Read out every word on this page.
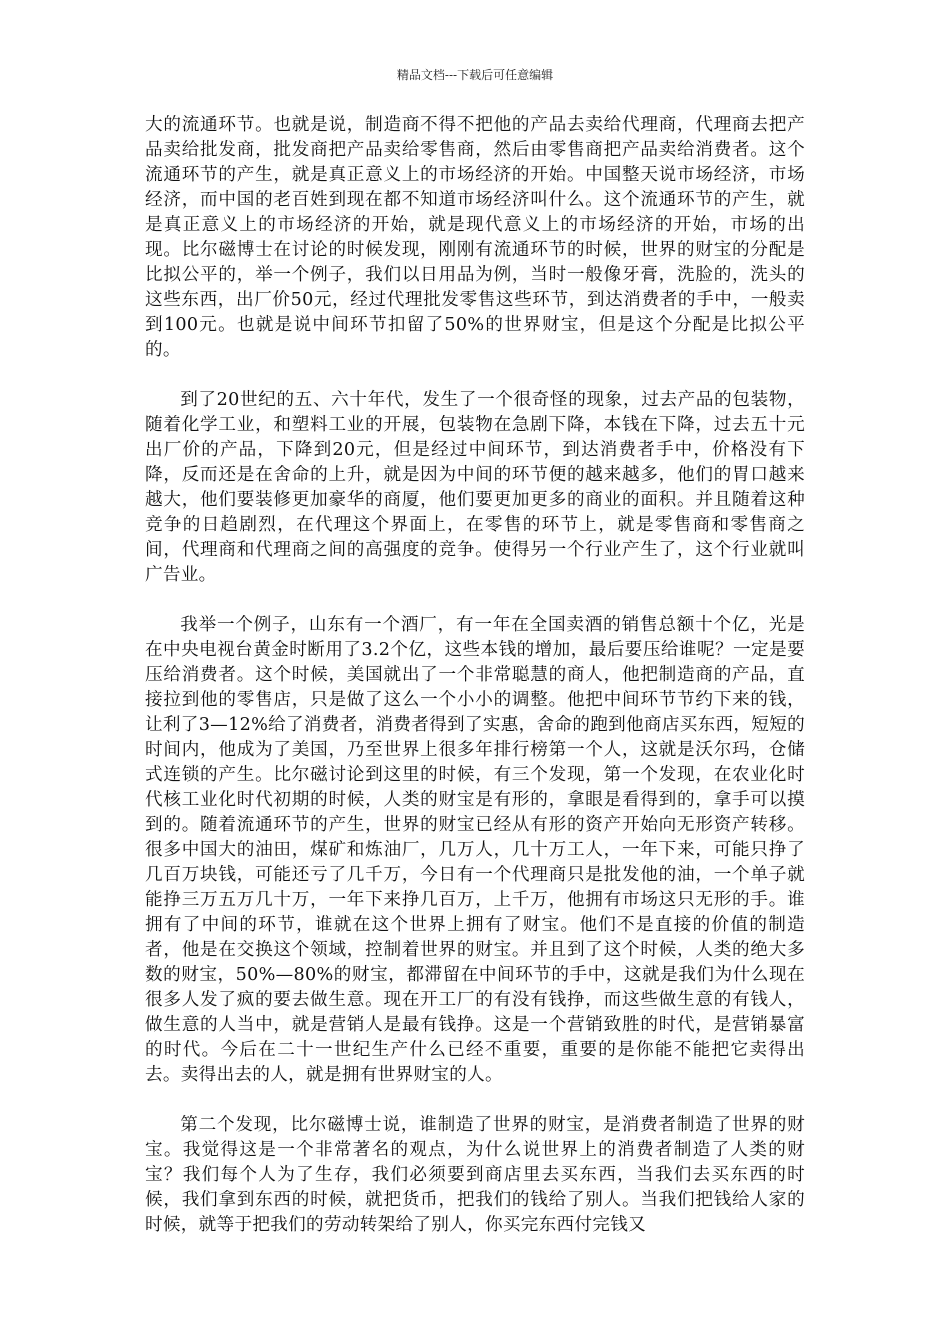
精品文档---下载后可任意编辑

大的流通环节。也就是说，制造商不得不把他的产品去卖给代理商，代理商去把产品卖给批发商，批发商把产品卖给零售商，然后由零售商把产品卖给消费者。这个流通环节的产生，就是真正意义上的市场经济的开始。中国整天说市场经济，市场经济，而中国的老百姓到现在都不知道市场经济叫什么。这个流通环节的产生，就是真正意义上的市场经济的开始，就是现代意义上的市场经济的开始，市场的出现。比尔磁博士在讨论的时候发现，刚刚有流通环节的时候，世界的财宝的分配是比拟公平的，举一个例子，我们以日用品为例，当时一般像牙膏，洗脸的，洗头的这些东西，出厂价50元，经过代理批发零售这些环节，到达消费者的手中，一般卖到100元。也就是说中间环节扣留了50%的世界财宝，但是这个分配是比拟公平的。

到了20世纪的五、六十年代，发生了一个很奇怪的现象，过去产品的包装物，随着化学工业，和塑料工业的开展，包装物在急剧下降，本钱在下降，过去五十元出厂价的产品，下降到20元，但是经过中间环节，到达消费者手中，价格没有下降，反而还是在舍命的上升，就是因为中间的环节便的越来越多，他们的胃口越来越大，他们要装修更加豪华的商厦，他们要更加更多的商业的面积。并且随着这种竞争的日趋剧烈，在代理这个界面上，在零售的环节上，就是零售商和零售商之间，代理商和代理商之间的高强度的竞争。使得另一个行业产生了，这个行业就叫广告业。

我举一个例子，山东有一个酒厂，有一年在全国卖酒的销售总额十个亿，光是在中央电视台黄金时断用了3.2个亿，这些本钱的增加，最后要压给谁呢？一定是要压给消费者。这个时候，美国就出了一个非常聪慧的商人，他把制造商的产品，直接拉到他的零售店，只是做了这么一个小小的调整。他把中间环节节约下来的钱，让利了3—12%给了消费者，消费者得到了实惠，舍命的跑到他商店买东西，短短的时间内，他成为了美国，乃至世界上很多年排行榜第一个人，这就是沃尔玛，仓储式连锁的产生。比尔磁讨论到这里的时候，有三个发现，第一个发现，在农业化时代核工业化时代初期的时候，人类的财宝是有形的，拿眼是看得到的，拿手可以摸到的。随着流通环节的产生，世界的财宝已经从有形的资产开始向无形资产转移。很多中国大的油田，煤矿和炼油厂，几万人，几十万工人，一年下来，可能只挣了几百万块钱，可能还亏了几千万，今日有一个代理商只是批发他的油，一个单子就能挣三万五万几十万，一年下来挣几百万，上千万，他拥有市场这只无形的手。谁拥有了中间的环节，谁就在这个世界上拥有了财宝。他们不是直接的价值的制造者，他是在交换这个领域，控制着世界的财宝。并且到了这个时候，人类的绝大多数的财宝，50%—80%的财宝，都滞留在中间环节的手中，这就是我们为什么现在很多人发了疯的要去做生意。现在开工厂的有没有钱挣，而这些做生意的有钱人，做生意的人当中，就是营销人是最有钱挣。这是一个营销致胜的时代，是营销暴富的时代。今后在二十一世纪生产什么已经不重要，重要的是你能不能把它卖得出去。卖得出去的人，就是拥有世界财宝的人。

第二个发现，比尔磁博士说，谁制造了世界的财宝，是消费者制造了世界的财宝。我觉得这是一个非常著名的观点，为什么说世界上的消费者制造了人类的财宝？我们每个人为了生存，我们必须要到商店里去买东西，当我们去买东西的时候，我们拿到东西的时候，就把货币，把我们的钱给了别人。当我们把钱给人家的时候，就等于把我们的劳动转架给了别人，你买完东西付完钱又
